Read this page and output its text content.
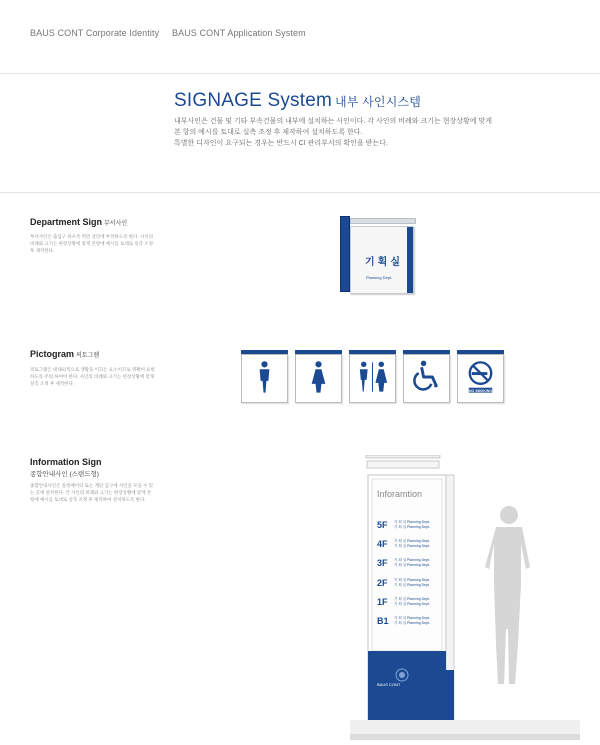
BAUS CONT Corporate Identity BAUS CONT Application System
SIGNAGE System 내부 사인시스템
내부사인은 건물 및 기타 부속건물의 내부에 설치하는 사인이다. 각 사인의 비례와 크기는 현장상황에 맞게
본 항의 예시를 토대로 실측 조정 후 제작하여 설치하도록 한다.
특별한 디자인이 요구되는 경우는 반드시 CI 관리부서의 확인을 받는다.
Department Sign 부서사인
부서사인은 출입구 좌우측 벽면 상단에 부착하도록 한다. 사인의 비례와 크기는 현장상황에 맞게 본항에 예시를 토대로 실측 조정 후 제작한다.
기획실
Planning Dept.
Pictogram 픽토그램
픽토그램은 대내외적으로 생활을 이끄는 요소이므로 명확히 표현하도록 주의 하여야 한다. 사인의 비례와 크기는 현장상황에 맞게 실측 조정 후 제작한다.
NO SMOKING
Information Sign
종합안내사인 (스탠드형)
종합안내사인은 올레베이터 또는 계단 입구에 사인을 모을 수 있는 곳에 설치한다. 각 사인의 비례와 크기는 현장상황에 맞게 본 항에 예시를 토대로 실측 조정 후 제작하여 설치하도록 한다.
Inforamtion
5F 기 획 실 Planning Dept.
기 획 실 Planning Dept.
4F 기 획 실 Planning Dept.
기 획 실 Planning Dept.
3F 기 획 실 Planning Dept.
기 획 실 Planning Dept.
2F 기 획 실 Planning Dept.
기 획 실 Planning Dept.
1F 기 획 실 Planning Dept.
기 획 실 Planning Dept.
B1 기 획 실 Planning Dept.
기 획 실 Planning Dept.
BAUS CONT
